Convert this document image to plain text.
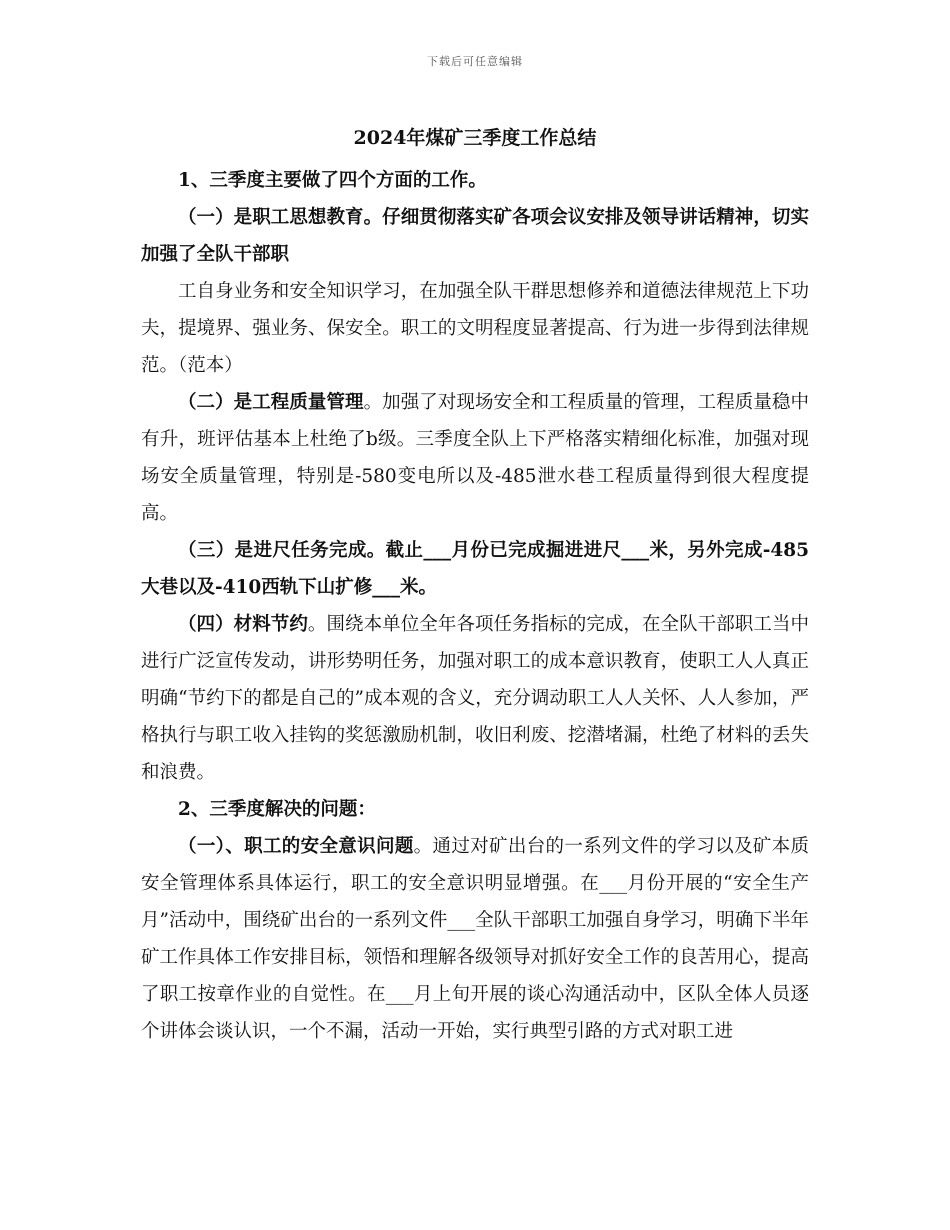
下载后可任意编辑
2024年煤矿三季度工作总结

1、三季度主要做了四个方面的工作。

（一）是职工思想教育。仔细贯彻落实矿各项会议安排及领导讲话精神，切实加强了全队干部职

工自身业务和安全知识学习，在加强全队干群思想修养和道德法律规范上下功夫，提境界、强业务、保安全。职工的文明程度显著提高、行为进一步得到法律规范。（范本）

（二）是工程质量管理。加强了对现场安全和工程质量的管理，工程质量稳中有升，班评估基本上杜绝了b级。三季度全队上下严格落实精细化标准，加强对现场安全质量管理，特别是-580变电所以及-485泄水巷工程质量得到很大程度提高。

（三）是进尺任务完成。截止___月份已完成掘进进尺___米，另外完成-485大巷以及-410西轨下山扩修___米。

（四）材料节约。围绕本单位全年各项任务指标的完成，在全队干部职工当中进行广泛宣传发动，讲形势明任务，加强对职工的成本意识教育，使职工人人真正明确“节约下的都是自己的”成本观的含义，充分调动职工人人关怀、人人参加，严格执行与职工收入挂钩的奖惩激励机制，收旧利废、挖潜堵漏，杜绝了材料的丢失和浪费。

2、三季度解决的问题：

（一）、职工的安全意识问题。通过对矿出台的一系列文件的学习以及矿本质安全管理体系具体运行，职工的安全意识明显增强。在___月份开展的“安全生产月”活动中，围绕矿出台的一系列文件___全队干部职工加强自身学习，明确下半年矿工作具体工作安排目标，领悟和理解各级领导对抓好安全工作的良苦用心，提高了职工按章作业的自觉性。在___月上旬开展的谈心沟通活动中，区队全体人员逐个讲体会谈认识，一个不漏，活动一开始，实行典型引路的方式对职工进
